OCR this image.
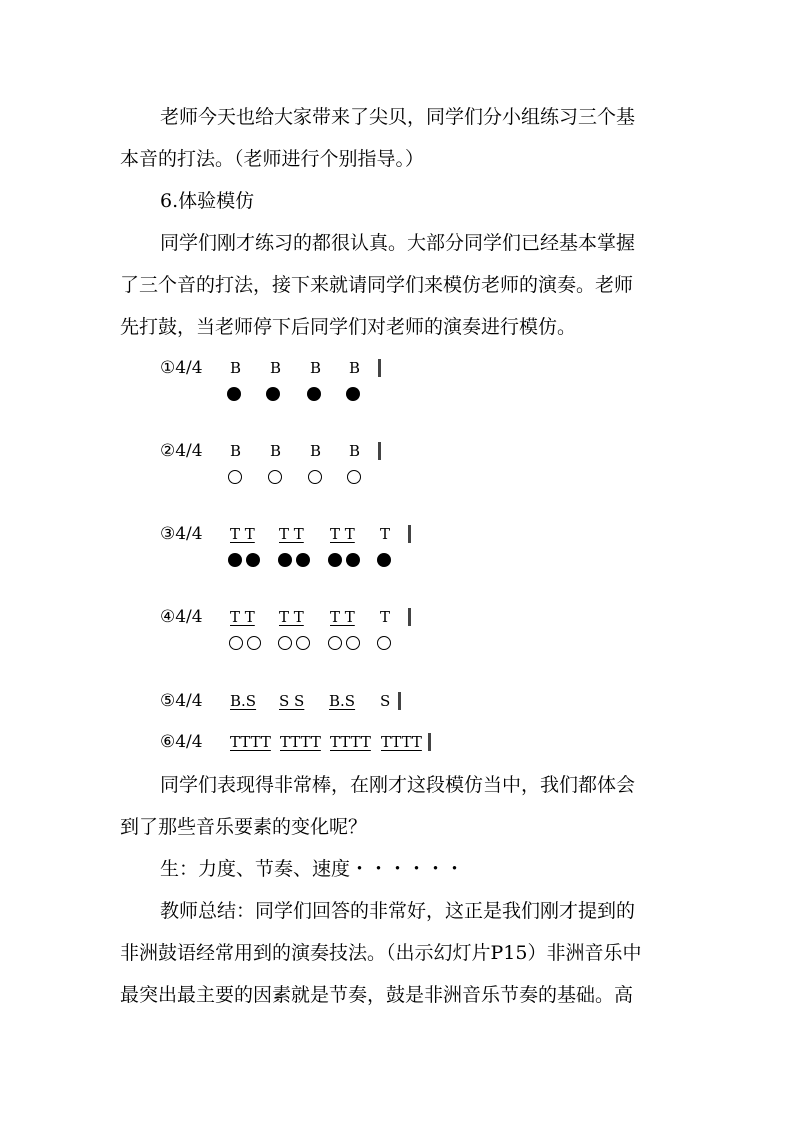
老师今天也给大家带来了尖贝，同学们分小组练习三个基
本音的打法。（老师进行个别指导。）
6.体验模仿
同学们刚才练习的都很认真。大部分同学们已经基本掌握
了三个音的打法，接下来就请同学们来模仿老师的演奏。老师
先打鼓，当老师停下后同学们对老师的演奏进行模仿。
①4/4 B B B B
②4/4 B B B B
③4/4 T T T T T T T
④4/4 T T T T T T T
⑤4/4 B.S S S B.S S
⑥4/4 TTTT TTTT TTTT TTTT
同学们表现得非常棒，在刚才这段模仿当中，我们都体会
到了那些音乐要素的变化呢？
生：力度、节奏、速度・・・・・・
教师总结：同学们回答的非常好，这正是我们刚才提到的
非洲鼓语经常用到的演奏技法。（出示幻灯片P15）非洲音乐中
最突出最主要的因素就是节奏，鼓是非洲音乐节奏的基础。高
